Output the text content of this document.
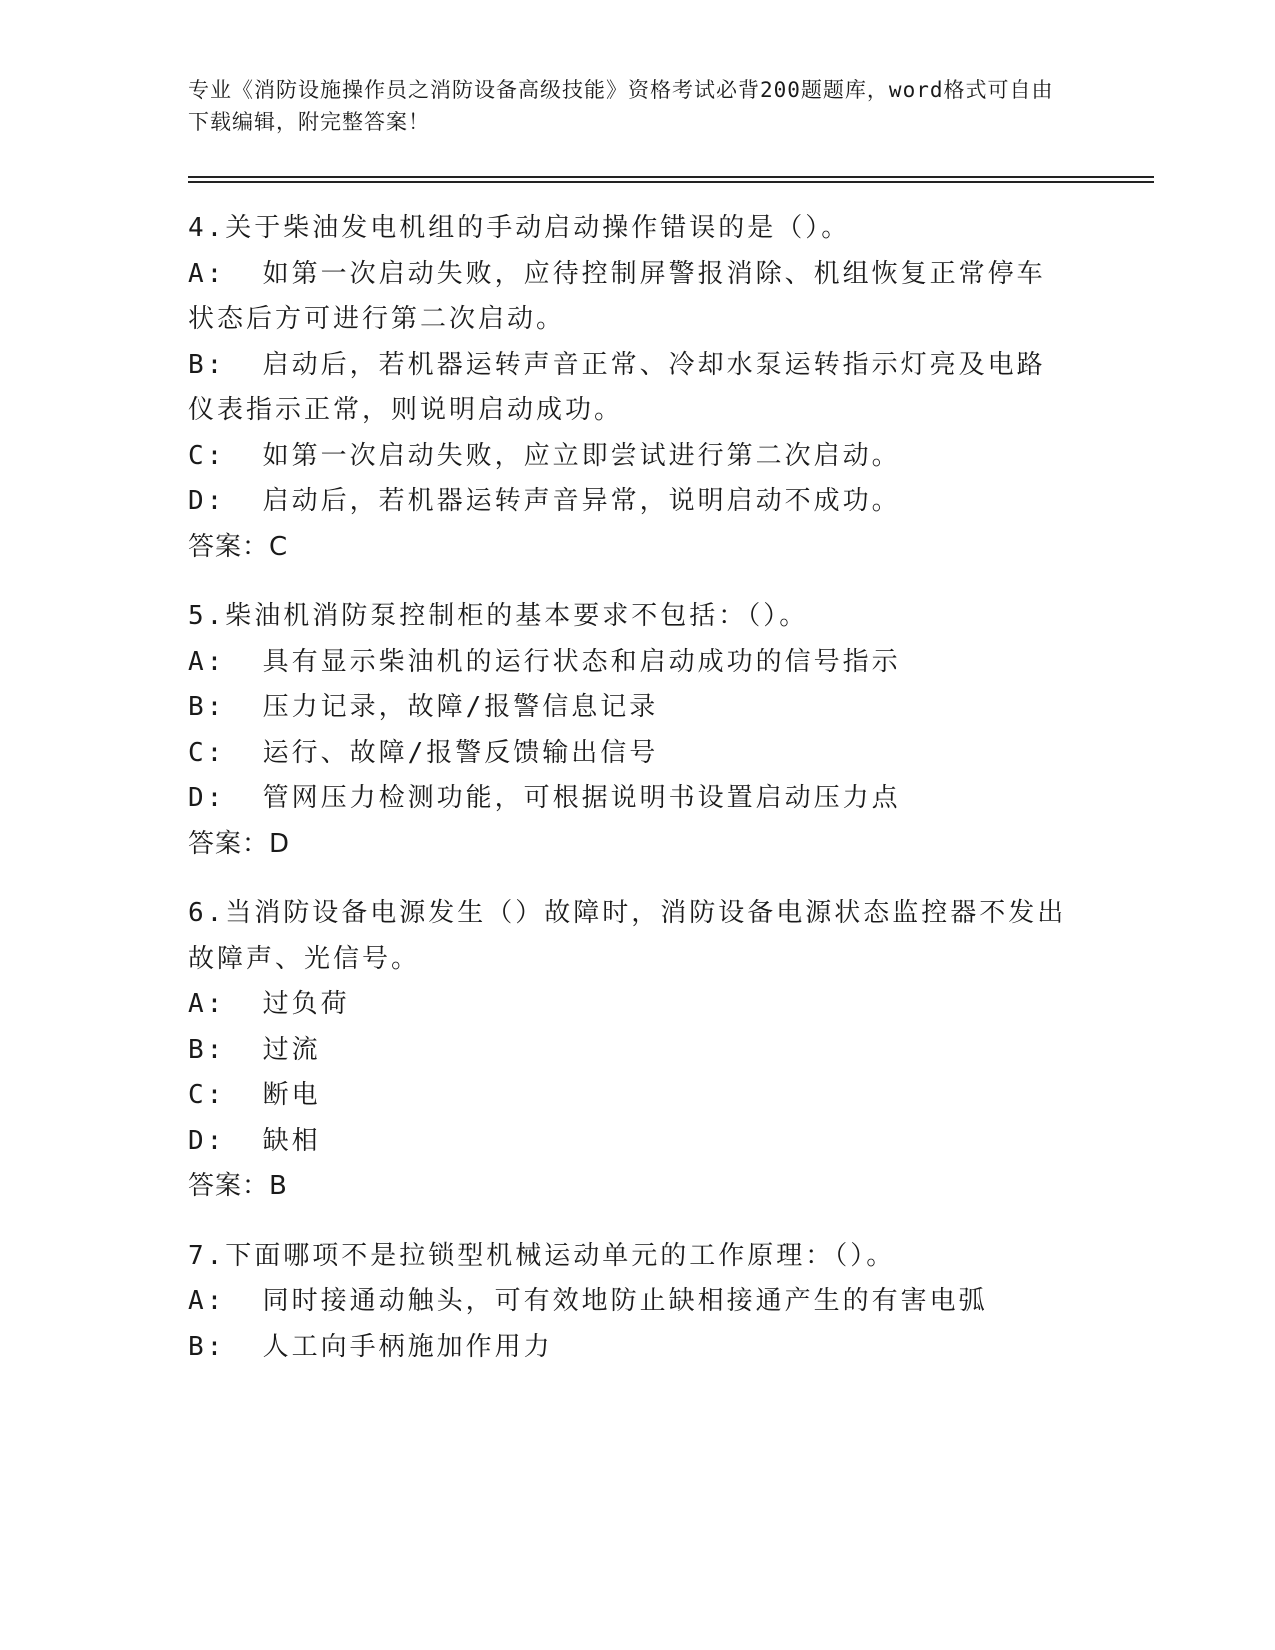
专业《消防设施操作员之消防设备高级技能》资格考试必背200题题库，word格式可自由下载编辑，附完整答案！
4.关于柴油发电机组的手动启动操作错误的是（）。
A:  如第一次启动失败，应待控制屏警报消除、机组恢复正常停车状态后方可进行第二次启动。
B:  启动后，若机器运转声音正常、冷却水泵运转指示灯亮及电路仪表指示正常，则说明启动成功。
C:  如第一次启动失败，应立即尝试进行第二次启动。
D:  启动后，若机器运转声音异常，说明启动不成功。
答案：C
5.柴油机消防泵控制柜的基本要求不包括：（）。
A:  具有显示柴油机的运行状态和启动成功的信号指示
B:  压力记录，故障/报警信息记录
C:  运行、故障/报警反馈输出信号
D:  管网压力检测功能，可根据说明书设置启动压力点
答案：D
6.当消防设备电源发生（）故障时，消防设备电源状态监控器不发出故障声、光信号。
A:  过负荷
B:  过流
C:  断电
D:  缺相
答案：B
7.下面哪项不是拉锁型机械运动单元的工作原理：（）。
A:  同时接通动触头，可有效地防止缺相接通产生的有害电弧
B:  人工向手柄施加作用力
